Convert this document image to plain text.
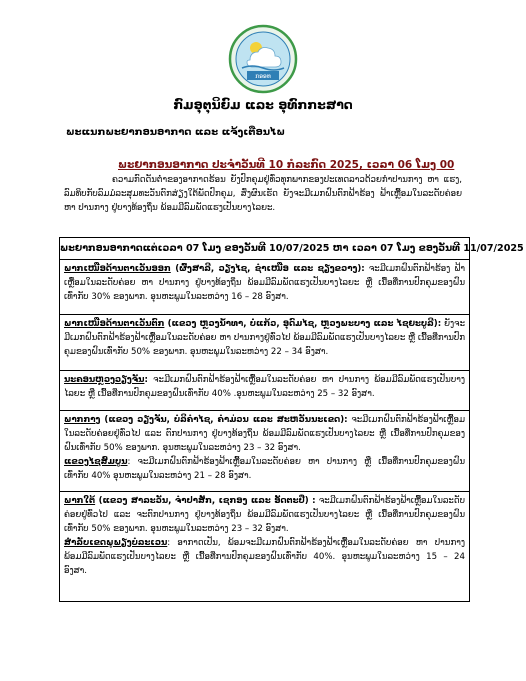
ກອອທ
ກົມອຸຕຸນິຍົມ ແລະ ອຸທົກກະສາດ
ພະແນກພະຍາກອນອາກາດ ແລະ ແຈ້ງເຕືອນໄພ
ພະຍາກອນອາກາດ ປະຈຳວັນທີ 10 ກໍລະກົດ 2025, ເວລາ 06 ໂມງ 00

ຄວາມກົດດັນຕ່ຳຂອງອາກາດຮ້ອນ ຍັງປົກຄຸມຢູ່ທົ່ວທຸກພາກຂອງປະເທດລາວດ້ວຍກຳປານກາງ ຫາ ແຮງ, ລົມທິບກັບລົມມໍລະສຸມທະວັນຕົກສ່ຽງໃຕ້ພັດປົກຄຸມ, ສົ່ງຜົນເຮັດ ຍັງຈະມີເມກຝົນຕົກຟ້າຮ້ອງ ຟ້າເຫຼື້ອມໃນລະດັບຄ່ອຍ ຫາ ປານກາງ ຢູ່ບາງທ້ອງຖິ່ນ ພ້ອມມີລົມພັດແຮງເປັນບາງໄລຍະ.

ພະຍາກອນອາກາດແຕ່ເວລາ 07 ໂມງ ຂອງວັນທີ 10/07/2025 ຫາ ເວລາ 07 ໂມງ ຂອງວັນທີ 11/07/2025

ພາກເໜືອດ້ານຕາເວັນອອກ (ຜົ້ງສາລີ, ວຽງໄຊ, ຊຳເໜືອ ແລະ ຊຽງຂວາງ): ຈະມີເມກຝົນຕົກຟ້າຮ້ອງ ຟ້າເຫຼື້ອມໃນລະດັບຄ່ອຍ ຫາ ປານກາງ ຢູ່ບາງທ້ອງຖິ່ນ ພ້ອມມີລົມພັດແຮງເປັນບາງໄລຍະ ຫຼື ເນື້ອທີ່ການປົກຄຸມຂອງຝົນເທົ່າກັບ 30% ຂອງພາກ. ອຸນຫະພູມໃນລະຫວ່າງ 16 – 28 ອົງສາ.

ພາກເໜືອດ້ານຕາເວັນຕົກ (ແຂວງ ຫຼວງນ້ຳທາ, ບໍ່ແກ້ວ, ອຸດົມໄຊ, ຫຼວງພະບາງ ແລະ ໄຊຍະບູລີ): ຍັງຈະມີເມກຝົນຕົກຟ້າຮ້ອງຟ້າເຫຼື້ອມໃນລະດັບຄ່ອຍ ຫາ ປານກາງຢູ່ທົ່ວໄປ ພ້ອມມີລົມພັດແຮງເປັນບາງໄລຍະ ຫຼື ເນື້ອທີ່ການປົກຄຸມຂອງຝົນເທົ່າກັບ 50% ຂອງພາກ. ອຸນຫະພູມໃນລະຫວ່າງ 22 – 34 ອົງສາ.

ນະຄອນຫຼວງວຽງຈັນ: ຈະມີເມກຝົນຕົກຟ້າຮ້ອງຟ້າເຫຼື້ອມໃນລະດັບຄ່ອຍ ຫາ ປານກາງ ພ້ອມມີລົມພັດແຮງເປັນບາງໄລຍະ ຫຼື ເນື້ອທີ່ການປົກຄຸມຂອງຝົນເທົ່າກັບ 40% .ອຸນຫະພູມໃນລະຫວ່າງ 25 – 32 ອົງສາ.

ພາກກາງ (ແຂວງ ວຽງຈັນ, ບໍລິຄຳໄຊ, ຄຳມ່ວນ ແລະ ສະຫວັນນະເຂດ): ຈະມີເມກຝົນຕົກຟ້າຮ້ອງຟ້າເຫຼື້ອມໃນລະດັບຄ່ອຍຢູ່ທົ່ວໄປ ແລະ ຕົກປານກາງ ຢູ່ບາງທ້ອງຖິ່ນ ພ້ອມມີລົມພັດແຮງເປັນບາງໄລຍະ ຫຼື ເນື້ອທີ່ການປົກຄຸມຂອງຝົນເທົ່າກັບ 50% ຂອງພາກ. ອຸນຫະພູມໃນລະຫວ່າງ 23 – 32 ອົງສາ.

ແຂວງໄຊສົມບູນ: ຈະມີເມກຝົນຕົກຟ້າຮ້ອງຟ້າເຫຼື້ອມໃນລະດັບຄ່ອຍ ຫາ ປານກາງ ຫຼື ເນື້ອທີ່ການປົກຄຸມຂອງຝົນເທົ່າກັບ 40% ອຸນຫະພູມໃນລະຫວ່າງ 21 – 28 ອົງສາ.

ພາກໃຕ້ (ແຂວງ ສາລະວັນ, ຈຳປາສັກ, ເຊກອງ ແລະ ອັດຕະປື) : ຈະມີເມກຝົນຕົກຟ້າຮ້ອງຟ້າເຫຼື້ອມໃນລະດັບຄ່ອຍຢູ່ທົ່ວໄປ ແລະ ຈະຕົກປານກາງ ຢູ່ບາງທ້ອງຖິ່ນ ພ້ອມມີລົມພັດແຮງເປັນບາງໄລຍະ ຫຼື ເນື້ອທີ່ການປົກຄຸມຂອງຝົນເທົ່າກັບ 50% ຂອງພາກ. ອຸນຫະພູມໃນລະຫວ່າງ 23 – 32 ອົງສາ.

ສຳລັບເຂດພູພຽງບໍລະເວນ: ອາກາດເປັນ, ພ້ອມຈະມີເມກຝົນຕົກຟ້າຮ້ອງຟ້າເຫຼື້ອມໃນລະດັບຄ່ອຍ ຫາ ປານກາງ ພ້ອມມີລົມພັດແຮງເປັນບາງໄລຍະ ຫຼື ເນື້ອທີ່ການປົກຄຸມຂອງຝົນເທົ່າກັບ 40%. ອຸນຫະພູມໃນລະຫວ່າງ 15 – 24 ອົງສາ.
